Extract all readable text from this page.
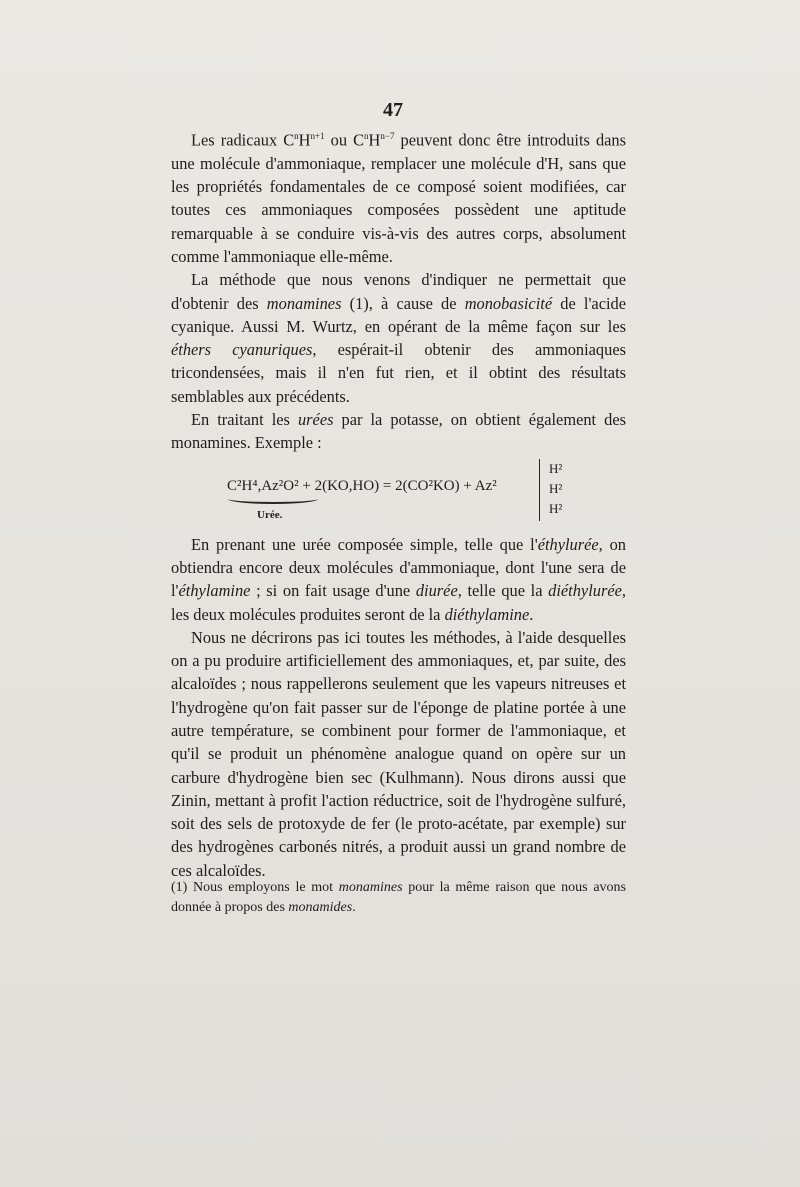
47

Les radicaux $C^nH^{n+1}$ ou $C^nH^{n-7}$ peuvent donc être introduits dans une molécule d'ammoniaque, remplacer une molécule d'H, sans que les propriétés fondamentales de ce composé soient modifiées, car toutes ces ammoniaques composées possèdent une aptitude remarquable à se conduire vis-à-vis des autres corps, absolument comme l'ammoniaque elle-même.

La méthode que nous venons d'indiquer ne permettait que d'obtenir des monamines (1), à cause de monobasicité de l'acide cyanique. Aussi M. Wurtz, en opérant de la même façon sur les éthers cyanuriques, espérait-il obtenir des ammoniaques tricondensées, mais il n'en fut rien, et il obtint des résultats semblables aux précédents.

En traitant les urées par la potasse, on obtient également des monamines. Exemple :

C²H⁴,Az²O² + 2(KO,HO) = 2(CO²KO) + Az²
Urée.
H²
H²
H²

En prenant une urée composée simple, telle que l'éthylurée, on obtiendra encore deux molécules d'ammoniaque, dont l'une sera de l'éthylamine ; si on fait usage d'une diurée, telle que la diéthylurée, les deux molécules produites seront de la diéthylamine.

Nous ne décrirons pas ici toutes les méthodes, à l'aide desquelles on a pu produire artificiellement des ammoniaques, et, par suite, des alcaloïdes ; nous rappellerons seulement que les vapeurs nitreuses et l'hydrogène qu'on fait passer sur de l'éponge de platine portée à une autre température, se combinent pour former de l'ammoniaque, et qu'il se produit un phénomène analogue quand on opère sur un carbure d'hydrogène bien sec (Kulhmann). Nous dirons aussi que Zinin, mettant à profit l'action réductrice, soit de l'hydrogène sulfuré, soit des sels de protoxyde de fer (le proto-acétate, par exemple) sur des hydrogènes carbonés nitrés, a produit aussi un grand nombre de ces alcaloïdes.

(1) Nous employons le mot monamines pour la même raison que nous avons donnée à propos des monamides.
